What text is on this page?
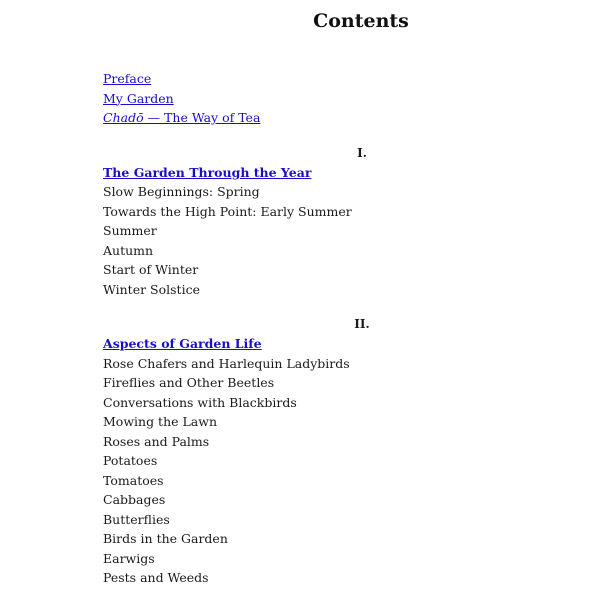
Contents
Preface
My Garden
Chadō — The Way of Tea
I.
The Garden Through the Year
Slow Beginnings: Spring
Towards the High Point: Early Summer
Summer
Autumn
Start of Winter
Winter Solstice
II.
Aspects of Garden Life
Rose Chafers and Harlequin Ladybirds
Fireflies and Other Beetles
Conversations with Blackbirds
Mowing the Lawn
Roses and Palms
Potatoes
Tomatoes
Cabbages
Butterflies
Birds in the Garden
Earwigs
Pests and Weeds
